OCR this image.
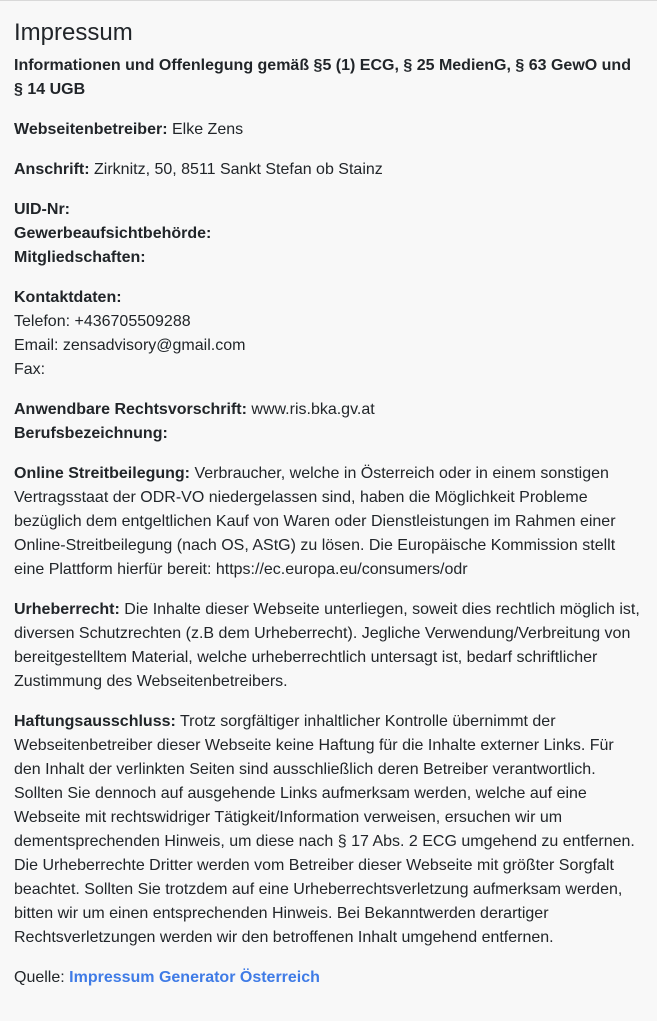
Impressum
Informationen und Offenlegung gemäß §5 (1) ECG, § 25 MedienG, § 63 GewO und § 14 UGB

Webseitenbetreiber: Elke Zens

Anschrift: Zirknitz, 50, 8511 Sankt Stefan ob Stainz

UID-Nr:
Gewerbeaufsichtbehörde:
Mitgliedschaften:

Kontaktdaten:
Telefon: +436705509288
Email: zensadvisory@gmail.com
Fax:

Anwendbare Rechtsvorschrift: www.ris.bka.gv.at
Berufsbezeichnung:

Online Streitbeilegung: Verbraucher, welche in Österreich oder in einem sonstigen Vertragsstaat der ODR-VO niedergelassen sind, haben die Möglichkeit Probleme bezüglich dem entgeltlichen Kauf von Waren oder Dienstleistungen im Rahmen einer Online-Streitbeilegung (nach OS, AStG) zu lösen. Die Europäische Kommission stellt eine Plattform hierfür bereit: https://ec.europa.eu/consumers/odr

Urheberrecht: Die Inhalte dieser Webseite unterliegen, soweit dies rechtlich möglich ist, diversen Schutzrechten (z.B dem Urheberrecht). Jegliche Verwendung/Verbreitung von bereitgestelltem Material, welche urheberrechtlich untersagt ist, bedarf schriftlicher Zustimmung des Webseitenbetreibers.

Haftungsausschluss: Trotz sorgfältiger inhaltlicher Kontrolle übernimmt der Webseitenbetreiber dieser Webseite keine Haftung für die Inhalte externer Links. Für den Inhalt der verlinkten Seiten sind ausschließlich deren Betreiber verantwortlich. Sollten Sie dennoch auf ausgehende Links aufmerksam werden, welche auf eine Webseite mit rechtswidriger Tätigkeit/Information verweisen, ersuchen wir um dementsprechenden Hinweis, um diese nach § 17 Abs. 2 ECG umgehend zu entfernen. Die Urheberrechte Dritter werden vom Betreiber dieser Webseite mit größter Sorgfalt beachtet. Sollten Sie trotzdem auf eine Urheberrechtsverletzung aufmerksam werden, bitten wir um einen entsprechenden Hinweis. Bei Bekanntwerden derartiger Rechtsverletzungen werden wir den betroffenen Inhalt umgehend entfernen.

Quelle: Impressum Generator Österreich
